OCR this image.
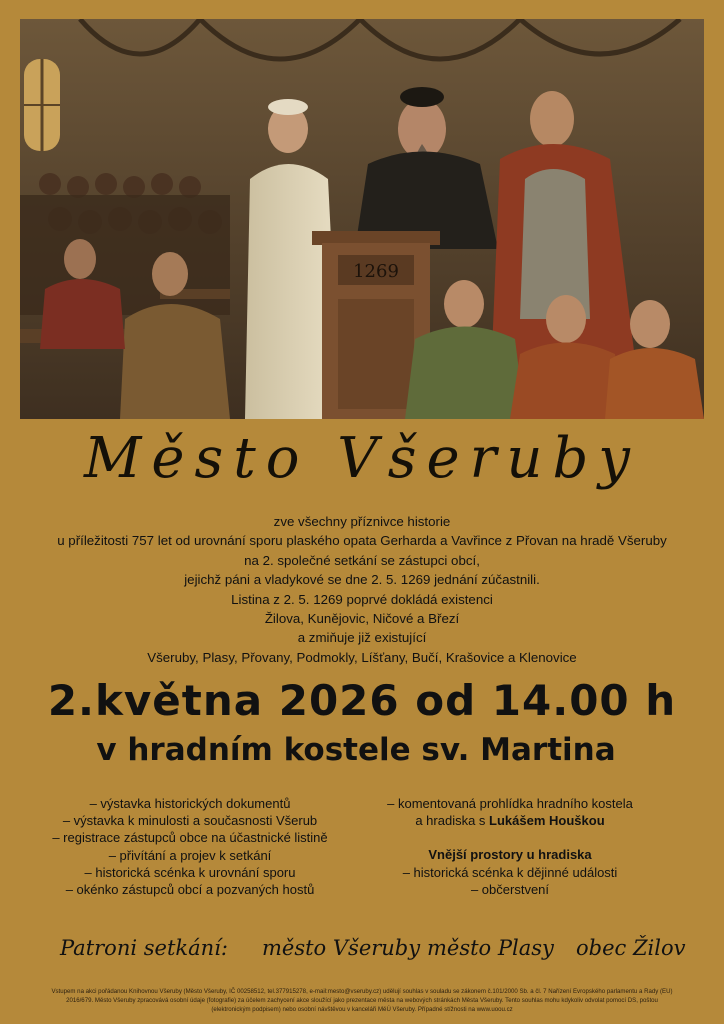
1269
Město Všeruby
zve všechny příznivce historie
u příležitosti 757 let od urovnání sporu plaského opata Gerharda a Vavřince z Přovan na hradě Všeruby
na 2. společné setkání se zástupci obcí,
jejichž páni a vladykové se dne 2. 5. 1269 jednání zúčastnili.
Listina z 2. 5. 1269 poprvé dokládá existenci
Žilova, Kunějovic, Ničové a Březí
a zmiňuje již existující
Všeruby, Plasy, Přovany, Podmokly, Líšťany, Bučí, Krašovice a Klenovice
2.května 2026 od 14.00 h
v hradním kostele sv. Martina
– výstavka historických dokumentů
– výstavka k minulosti a současnosti Všerub
– registrace zástupců obce na účastnické listině
– přivítání a projev k setkání
– historická scénka k urovnání sporu
– okénko zástupců obcí a pozvaných hostů
– komentovaná prohlídka hradního kostela
a hradiska s Lukášem Houškou
Vnější prostory u hradiska
– historická scénka k dějinné události
– občerstvení
Patroni setkání: město Všeruby město Plasy obec Žilov
Vstupem na akci pořádanou Knihovnou Všeruby (Město Všeruby, IČ 00258512, tel.377915278, e-mail:mesto@vseruby.cz) udělují souhlas v souladu se zákonem č.101/2000 Sb. a čl. 7 Nařízení Evropského parlamentu a Rady (EU)
2016/679. Město Všeruby zpracovává osobní údaje (fotografie) za účelem zachycení akce sloužící jako prezentace města na webových stránkách Města Všeruby. Tento souhlas mohu kdykoliv odvolat pomocí DS, poštou
(elektronickým podpisem) nebo osobní návštěvou v kanceláři MěÚ Všeruby. Případné stížnosti na www.uoou.cz
